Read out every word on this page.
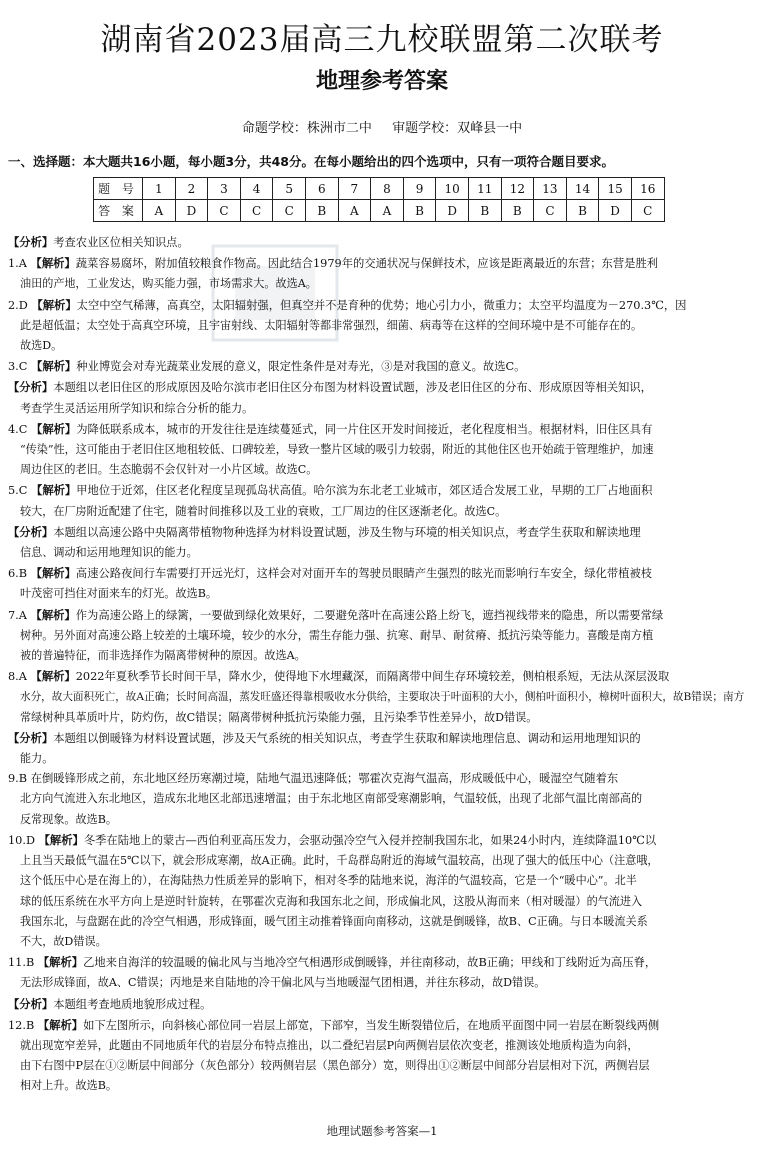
湖南省2023届高三九校联盟第二次联考
地理参考答案
命题学校：株洲市二中 审题学校：双峰县一中
一、选择题：本大题共16小题，每小题3分，共48分。在每小题给出的四个选项中，只有一项符合题目要求。
题 号	1	2	3	4	5	6	7	8	9	10	11	12	13	14	15	16
答 案	A	D	C	C	C	B	A	A	B	D	B	B	C	B	D	C
【分析】考查农业区位相关知识点。
1.A 【解析】蔬菜容易腐坏，附加值较粮食作物高。因此结合1979年的交通状况与保鲜技术，应该是距离最近的东营；东营是胜利
油田的产地，工业发达，购买能力强，市场需求大。故选A。
2.D 【解析】太空中空气稀薄，高真空，太阳辐射强，但真空并不是育种的优势；地心引力小，微重力；太空平均温度为－270.3℃，因
此是超低温；太空处于高真空环境，且宇宙射线、太阳辐射等都非常强烈，细菌、病毒等在这样的空间环境中是不可能存在的。
故选D。
3.C 【解析】种业博览会对寿光蔬菜业发展的意义，限定性条件是对寿光，③是对我国的意义。故选C。
【分析】本题组以老旧住区的形成原因及哈尔滨市老旧住区分布图为材料设置试题，涉及老旧住区的分布、形成原因等相关知识，
考查学生灵活运用所学知识和综合分析的能力。
4.C 【解析】为降低联系成本，城市的开发往往是连续蔓延式，同一片住区开发时间接近，老化程度相当。根据材料，旧住区具有
“传染”性，这可能由于老旧住区地租较低、口碑较差，导致一整片区域的吸引力较弱，附近的其他住区也开始疏于管理维护，加速
周边住区的老旧。生态脆弱不会仅针对一小片区域。故选C。
5.C 【解析】甲地位于近郊，住区老化程度呈现孤岛状高值。哈尔滨为东北老工业城市，郊区适合发展工业，早期的工厂占地面积
较大，在厂房附近配建了住宅，随着时间推移以及工业的衰败，工厂周边的住区逐渐老化。故选C。
【分析】本题组以高速公路中央隔离带植物物种选择为材料设置试题，涉及生物与环境的相关知识点，考查学生获取和解读地理
信息、调动和运用地理知识的能力。
6.B 【解析】高速公路夜间行车需要打开远光灯，这样会对对面开车的驾驶员眼睛产生强烈的眩光而影响行车安全，绿化带植被枝
叶茂密可挡住对面来车的灯光。故选B。
7.A 【解析】作为高速公路上的绿篱，一要做到绿化效果好，二要避免落叶在高速公路上纷飞，遮挡视线带来的隐患，所以需要常绿
树种。另外面对高速公路上较差的土壤环境，较少的水分，需生存能力强、抗寒、耐旱、耐贫瘠、抵抗污染等能力。喜酸是南方植
被的普遍特征，而非选择作为隔离带树种的原因。故选A。
8.A 【解析】2022年夏秋季节长时间干旱，降水少，使得地下水埋藏深，而隔离带中间生存环境较差，侧柏根系短，无法从深层汲取
水分，故大面积死亡，故A正确；长时间高温，蒸发旺盛还得靠根吸收水分供给，主要取决于叶面积的大小，侧柏叶面积小，樟树叶面积大，故B错误；南方
常绿树种具革质叶片，防灼伤，故C错误；隔离带树种抵抗污染能力强，且污染季节性差异小，故D错误。
【分析】本题组以倒暖锋为材料设置试题，涉及天气系统的相关知识点，考查学生获取和解读地理信息、调动和运用地理知识的
能力。
9.B 在倒暖锋形成之前，东北地区经历寒潮过境，陆地气温迅速降低；鄂霍次克海气温高，形成暖低中心，暖湿空气随着东
北方向气流进入东北地区，造成东北地区北部迅速增温；由于东北地区南部受寒潮影响，气温较低，出现了北部气温比南部高的
反常现象。故选B。
10.D 【解析】冬季在陆地上的蒙古—西伯利亚高压发力，会驱动强冷空气入侵并控制我国东北，如果24小时内，连续降温10℃以
上且当天最低气温在5℃以下，就会形成寒潮，故A正确。此时，千岛群岛附近的海域气温较高，出现了强大的低压中心（注意哦，
这个低压中心是在海上的），在海陆热力性质差异的影响下，相对冬季的陆地来说，海洋的气温较高，它是一个“暖中心”。北半
球的低压系统在水平方向上是逆时针旋转，在鄂霍次克海和我国东北之间，形成偏北风，这股从海而来（相对暖湿）的气流进入
我国东北，与盘踞在此的冷空气相遇，形成锋面，暖气团主动推着锋面向南移动，这就是倒暖锋，故B、C正确。与日本暖流关系
不大，故D错误。
11.B 【解析】乙地来自海洋的较温暖的偏北风与当地冷空气相遇形成倒暖锋，并往南移动，故B正确；甲线和丁线附近为高压脊，
无法形成锋面，故A、C错误；丙地是来自陆地的冷干偏北风与当地暖湿气团相遇，并往东移动，故D错误。
【分析】本题组考查地质地貌形成过程。
12.B 【解析】如下左图所示，向斜核心部位同一岩层上部宽，下部窄，当发生断裂错位后，在地质平面图中同一岩层在断裂线两侧
就出现宽窄差异，此题由不同地质年代的岩层分布特点推出，以二叠纪岩层P向两侧岩层依次变老，推测该处地质构造为向斜，
由下右图中P层在①②断层中间部分（灰色部分）较两侧岩层（黑色部分）宽，则得出①②断层中间部分岩层相对下沉，两侧岩层
相对上升。故选B。
地理试题参考答案—1
